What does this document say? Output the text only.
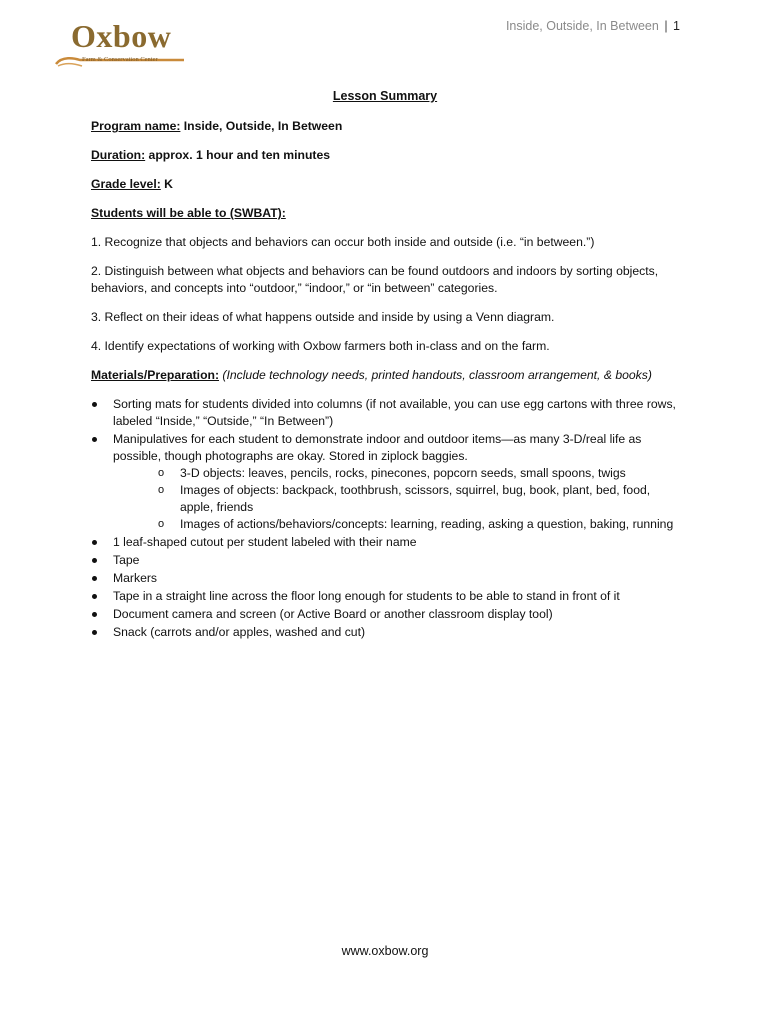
Oxbow
Farm & Conservation Center
Inside, Outside, In Between | 1
Lesson Summary

Program name: Inside, Outside, In Between

Duration: approx. 1 hour and ten minutes

Grade level: K

Students will be able to (SWBAT):

1. Recognize that objects and behaviors can occur both inside and outside (i.e. “in between.”)

2. Distinguish between what objects and behaviors can be found outdoors and indoors by sorting objects, behaviors, and concepts into “outdoor,” “indoor,” or “in between” categories.

3. Reflect on their ideas of what happens outside and inside by using a Venn diagram.

4. Identify expectations of working with Oxbow farmers both in-class and on the farm.

Materials/Preparation: (Include technology needs, printed handouts, classroom arrangement, & books)

Sorting mats for students divided into columns (if not available, you can use egg cartons with three rows, labeled “Inside,” “Outside,” “In Between”)
Manipulatives for each student to demonstrate indoor and outdoor items—as many 3-D/real life as possible, though photographs are okay. Stored in ziplock baggies.
o 3-D objects: leaves, pencils, rocks, pinecones, popcorn seeds, small spoons, twigs
o Images of objects: backpack, toothbrush, scissors, squirrel, bug, book, plant, bed, food, apple, friends
o Images of actions/behaviors/concepts: learning, reading, asking a question, baking, running
1 leaf-shaped cutout per student labeled with their name
Tape
Markers
Tape in a straight line across the floor long enough for students to be able to stand in front of it
Document camera and screen (or Active Board or another classroom display tool)
Snack (carrots and/or apples, washed and cut)
www.oxbow.org
